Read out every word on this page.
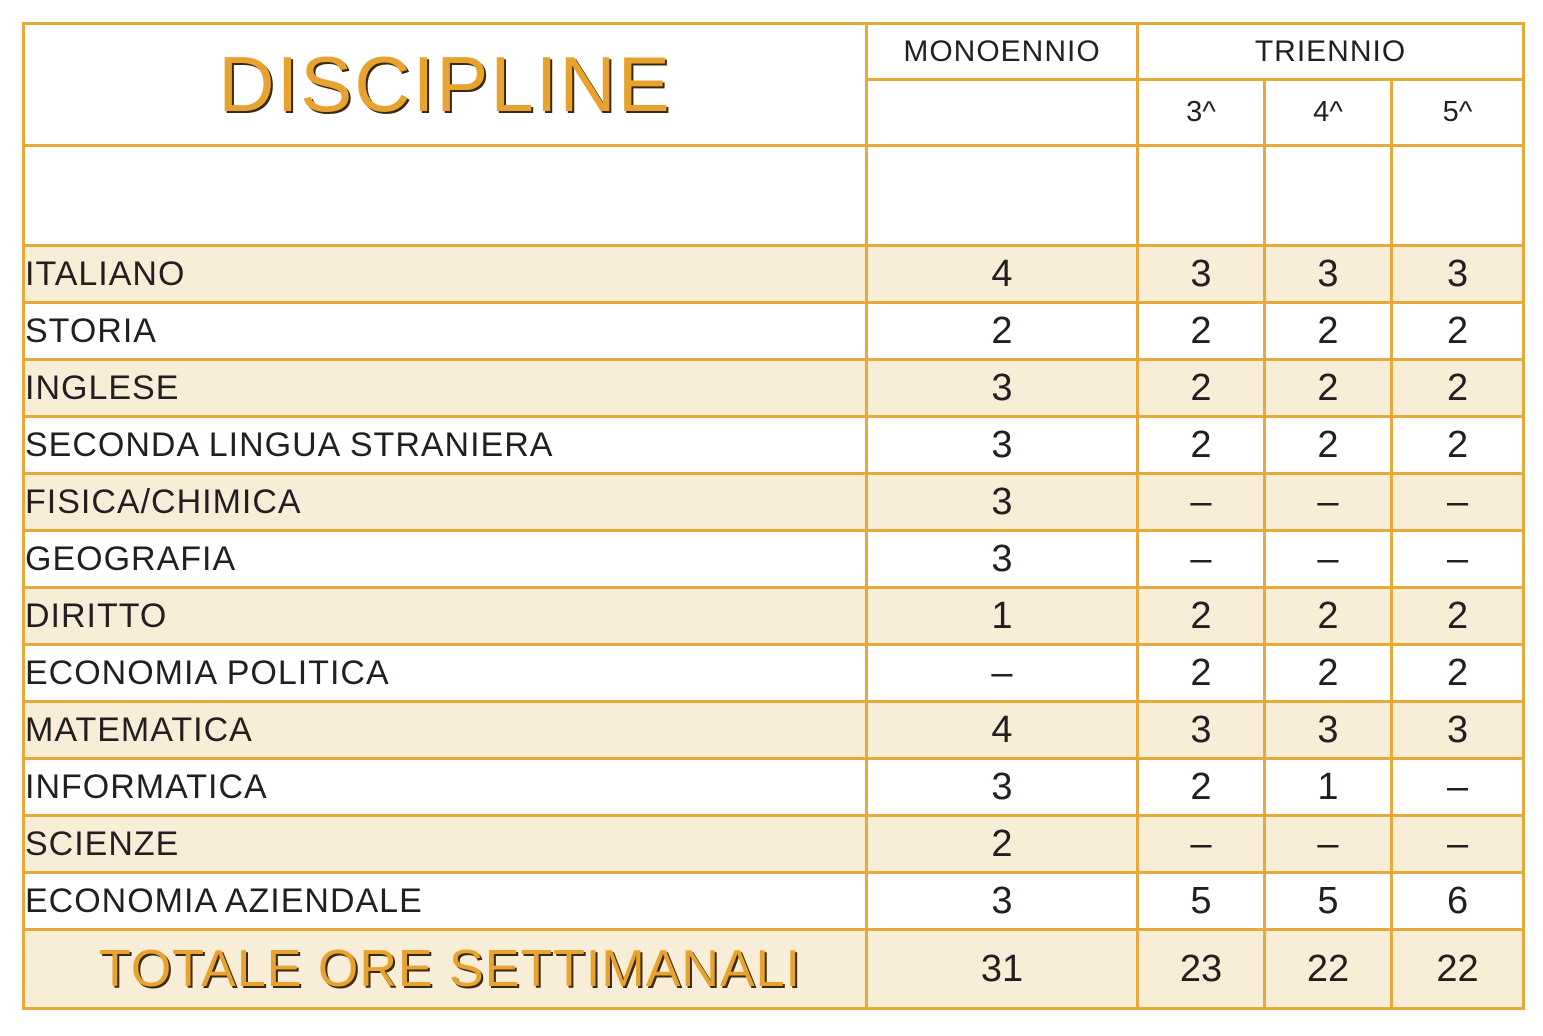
DISCIPLINE	MONOENNIO	TRIENNIO		
		3^	4^	5^

ITALIANO	4	3	3	3
STORIA	2	2	2	2
INGLESE	3	2	2	2
SECONDA LINGUA STRANIERA	3	2	2	2
FISICA/CHIMICA	3	–	–	–
GEOGRAFIA	3	–	–	–
DIRITTO	1	2	2	2
ECONOMIA POLITICA	–	2	2	2
MATEMATICA	4	3	3	3
INFORMATICA	3	2	1	–
SCIENZE	2	–	–	–
ECONOMIA AZIENDALE	3	5	5	6

TOTALE ORE SETTIMANALI	31	23	22	22
